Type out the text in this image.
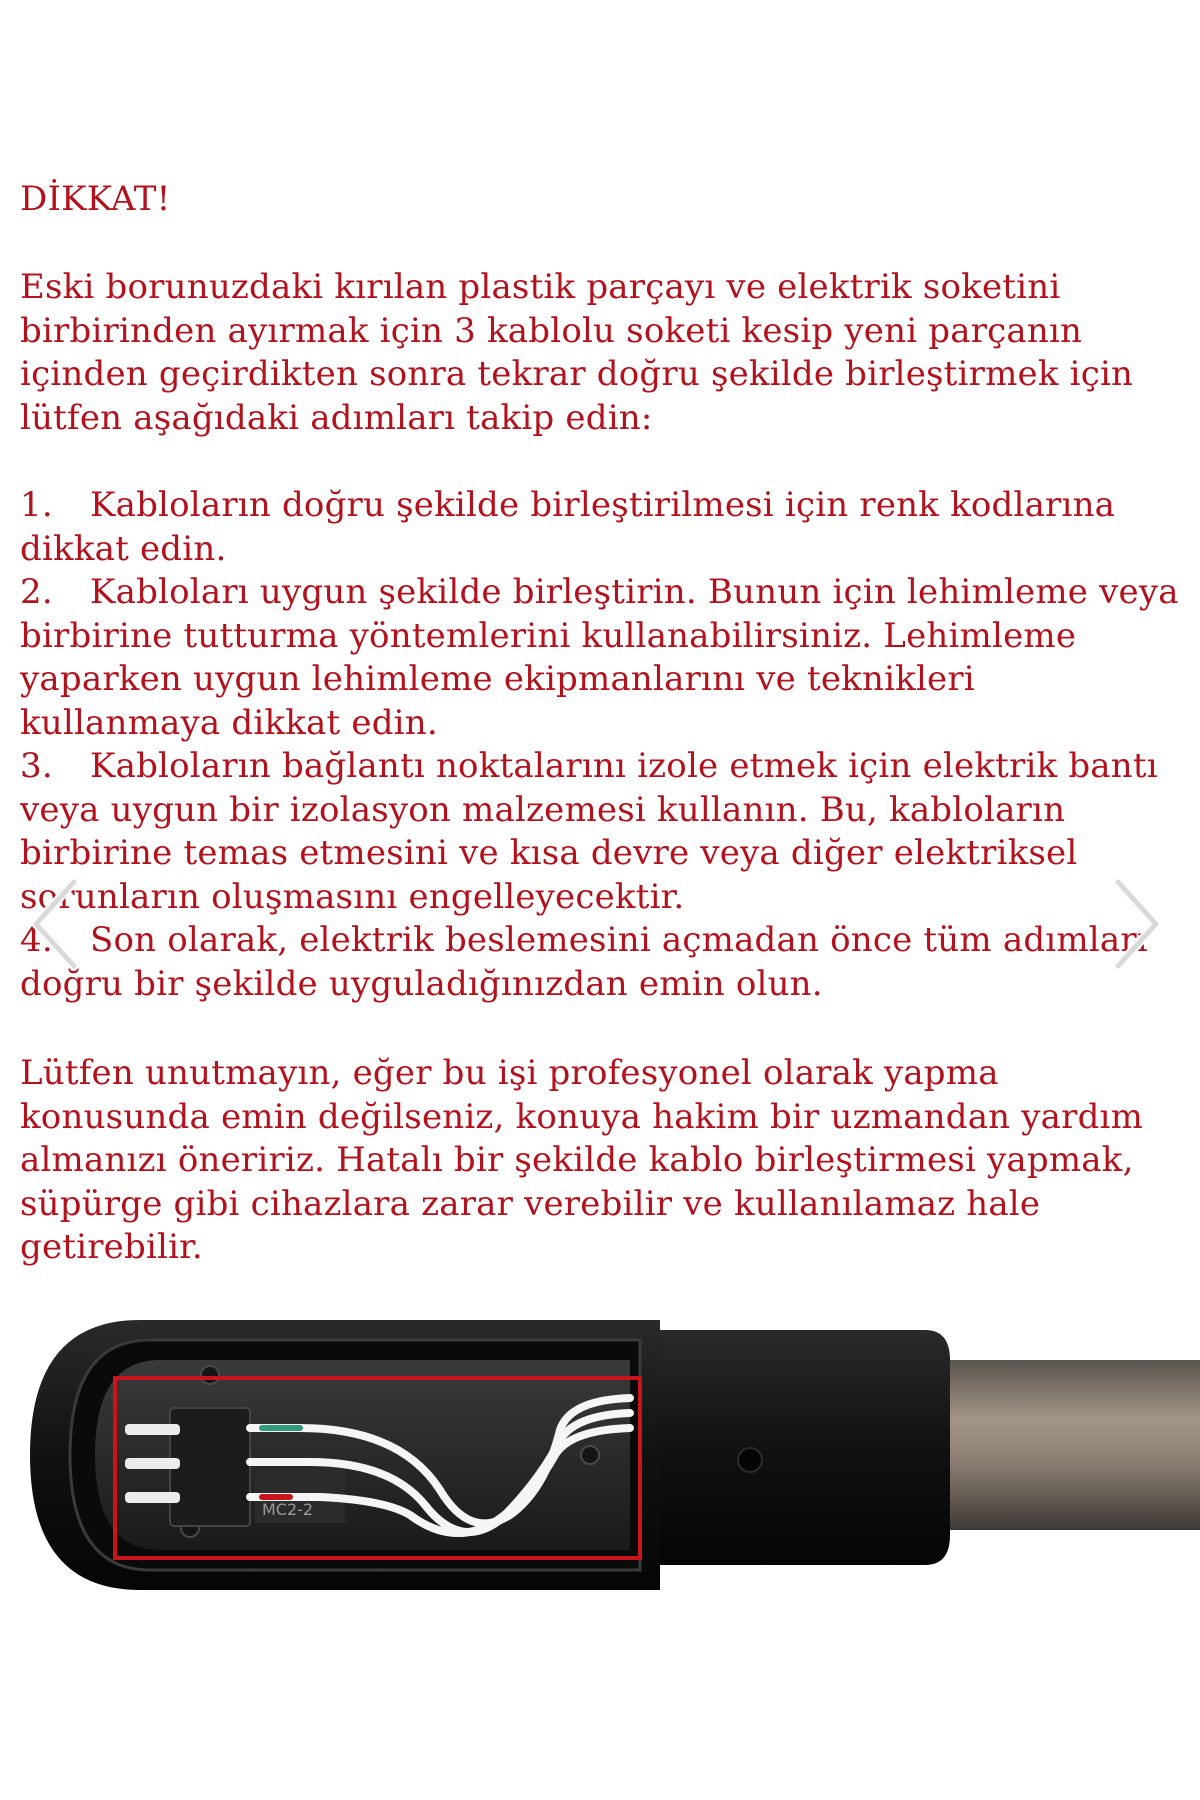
DİKKAT!
Eski borunuzdaki kırılan plastik parçayı ve elektrik soketini birbirinden ayırmak için 3 kablolu soketi kesip yeni parçanın içinden geçirdikten sonra tekrar doğru şekilde birleştirmek için lütfen aşağıdaki adımları takip edin:

1. Kabloların doğru şekilde birleştirilmesi için renk kodlarına dikkat edin.

2. Kabloları uygun şekilde birleştirin. Bunun için lehimleme veya birbirine tutturma yöntemlerini kullanabilirsiniz. Lehimleme yaparken uygun lehimleme ekipmanlarını ve teknikleri kullanmaya dikkat edin.

3. Kabloların bağlantı noktalarını izole etmek için elektrik bantı veya uygun bir izolasyon malzemesi kullanın. Bu, kabloların birbirine temas etmesini ve kısa devre veya diğer elektriksel sorunların oluşmasını engelleyecektir.

4. Son olarak, elektrik beslemesini açmadan önce tüm adımları doğru bir şekilde uyguladığınızdan emin olun.

Lütfen unutmayın, eğer bu işi profesyonel olarak yapma konusunda emin değilseniz, konuya hakim bir uzmandan yardım almanızı öneririz. Hatalı bir şekilde kablo birleştirmesi yapmak, süpürge gibi cihazlara zarar verebilir ve kullanılamaz hale getirebilir.
MC2-2
